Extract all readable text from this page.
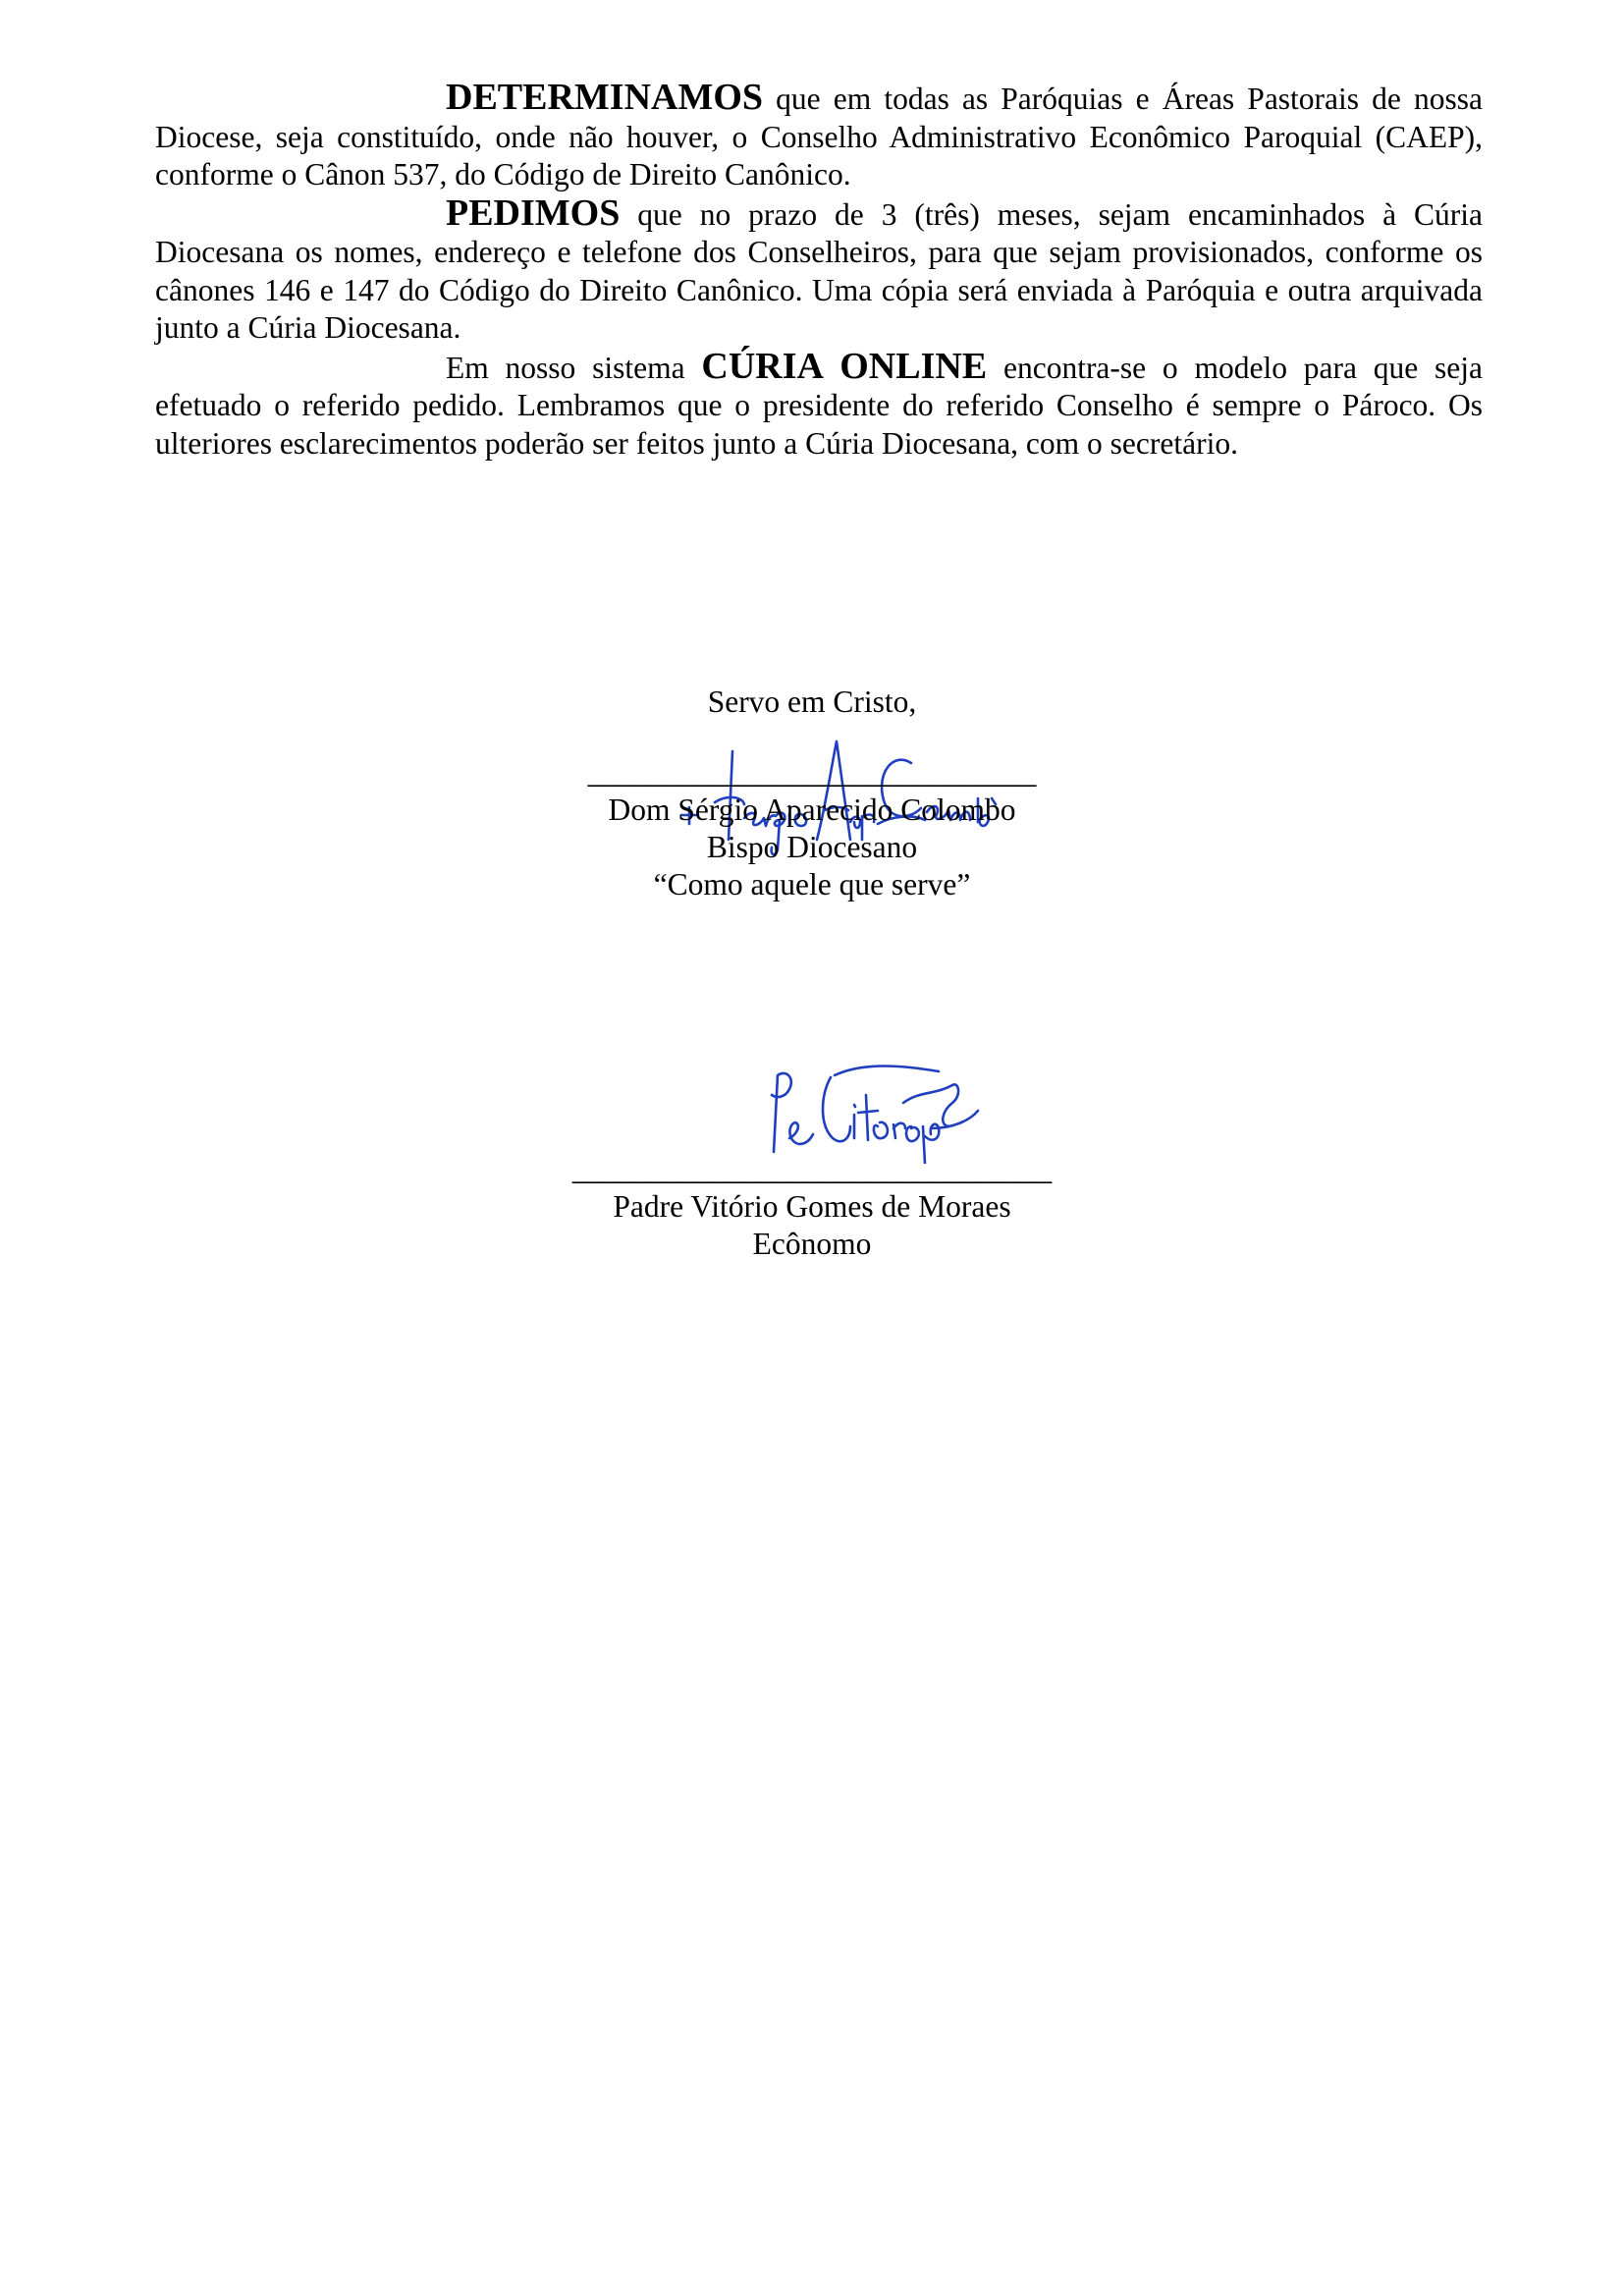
DETERMINAMOS que em todas as Paróquias e Áreas Pastorais de nossa Diocese, seja constituído, onde não houver, o Conselho Administrativo Econômico Paroquial (CAEP), conforme o Cânon 537, do Código de Direito Canônico.

PEDIMOS que no prazo de 3 (três) meses, sejam encaminhados à Cúria Diocesana os nomes, endereço e telefone dos Conselheiros, para que sejam provisionados, conforme os cânones 146 e 147 do Código do Direito Canônico. Uma cópia será enviada à Paróquia e outra arquivada junto a Cúria Diocesana.

Em nosso sistema CÚRIA ONLINE encontra-se o modelo para que seja efetuado o referido pedido. Lembramos que o presidente do referido Conselho é sempre o Pároco. Os ulteriores esclarecimentos poderão ser feitos junto a Cúria Diocesana, com o secretário.

Servo em Cristo,
_____________________________
Dom Sérgio Aparecido Colombo
Bispo Diocesano
“Como aquele que serve”
_______________________________
Padre Vitório Gomes de Moraes
Ecônomo
